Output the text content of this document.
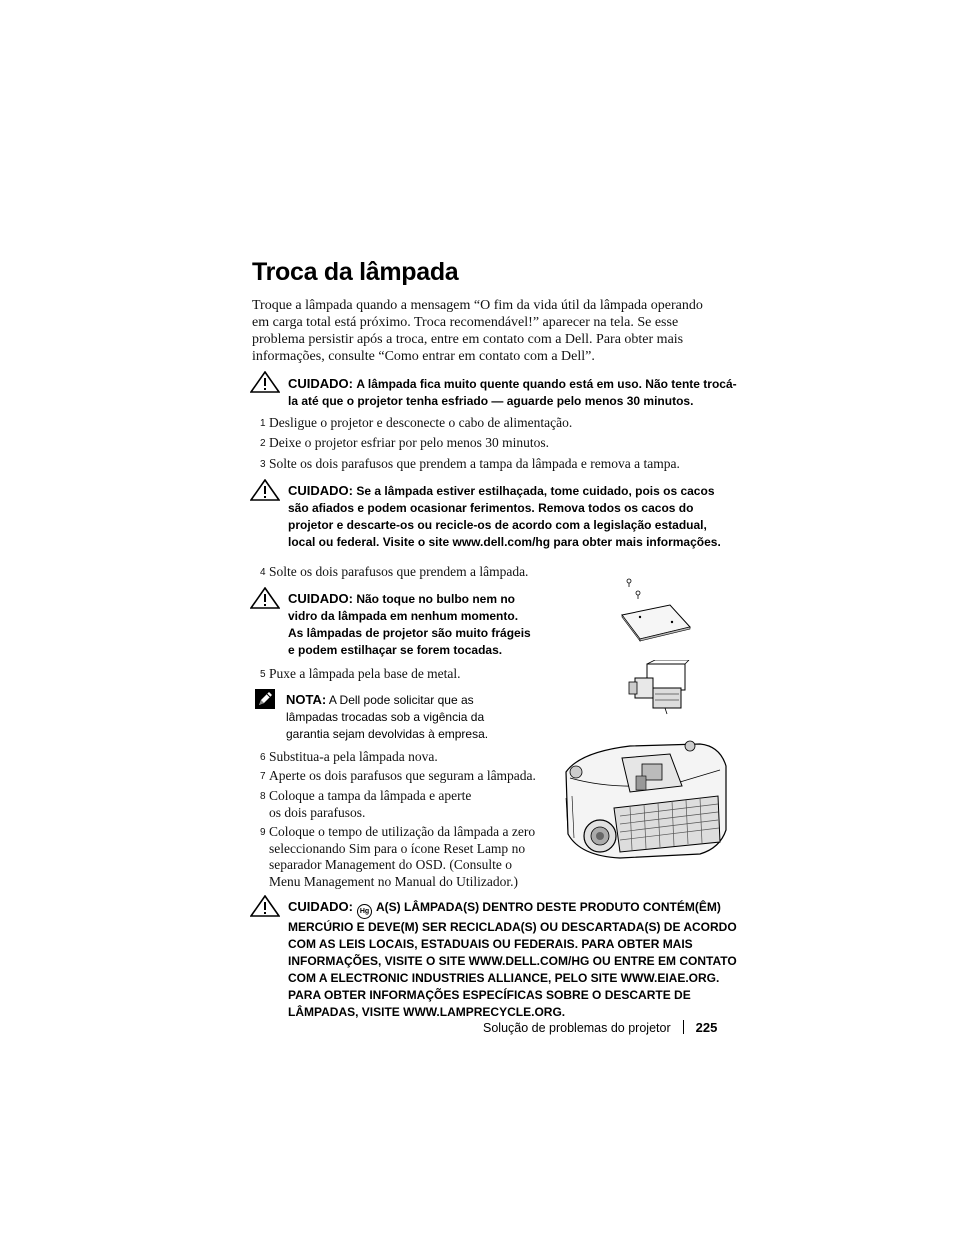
Troca da lâmpada
Troque a lâmpada quando a mensagem “O fim da vida útil da lâmpada operando
em carga total está próximo. Troca recomendável!” aparecer na tela. Se esse
problema persistir após a troca, entre em contato com a Dell. Para obter mais
informações, consulte “Como entrar em contato com a Dell”.
CUIDADO: A lâmpada fica muito quente quando está em uso. Não tente trocá-
la até que o projetor tenha esfriado — aguarde pelo menos 30 minutos.
1 Desligue o projetor e desconecte o cabo de alimentação.
2 Deixe o projetor esfriar por pelo menos 30 minutos.
3 Solte os dois parafusos que prendem a tampa da lâmpada e remova a tampa.
CUIDADO: Se a lâmpada estiver estilhaçada, tome cuidado, pois os cacos
são afiados e podem ocasionar ferimentos. Remova todos os cacos do
projetor e descarte-os ou recicle-os de acordo com a legislação estadual,
local ou federal. Visite o site www.dell.com/hg para obter mais informações.
4 Solte os dois parafusos que prendem a lâmpada.
CUIDADO: Não toque no bulbo nem no
vidro da lâmpada em nenhum momento.
As lâmpadas de projetor são muito frágeis
e podem estilhaçar se forem tocadas.
5 Puxe a lâmpada pela base de metal.
NOTA: A Dell pode solicitar que as
lâmpadas trocadas sob a vigência da
garantia sejam devolvidas à empresa.
6 Substitua-a pela lâmpada nova.
7 Aperte os dois parafusos que seguram a lâmpada.
8 Coloque a tampa da lâmpada e aperte
os dois parafusos.
9 Coloque o tempo de utilização da lâmpada a zero
seleccionando Sim para o ícone Reset Lamp no
separador Management do OSD. (Consulte o
Menu Management no Manual do Utilizador.)
CUIDADO: Hg A(S) LÂMPADA(S) DENTRO DESTE PRODUTO CONTÉM(ÊM)
MERCÚRIO E DEVE(M) SER RECICLADA(S) OU DESCARTADA(S) DE ACORDO
COM AS LEIS LOCAIS, ESTADUAIS OU FEDERAIS. PARA OBTER MAIS
INFORMAÇÕES, VISITE O SITE WWW.DELL.COM/HG OU ENTRE EM CONTATO
COM A ELECTRONIC INDUSTRIES ALLIANCE, PELO SITE WWW.EIAE.ORG.
PARA OBTER INFORMAÇÕES ESPECÍFICAS SOBRE O DESCARTE DE
LÂMPADAS, VISITE WWW.LAMPRECYCLE.ORG.
Solução de problemas do projetor 225
